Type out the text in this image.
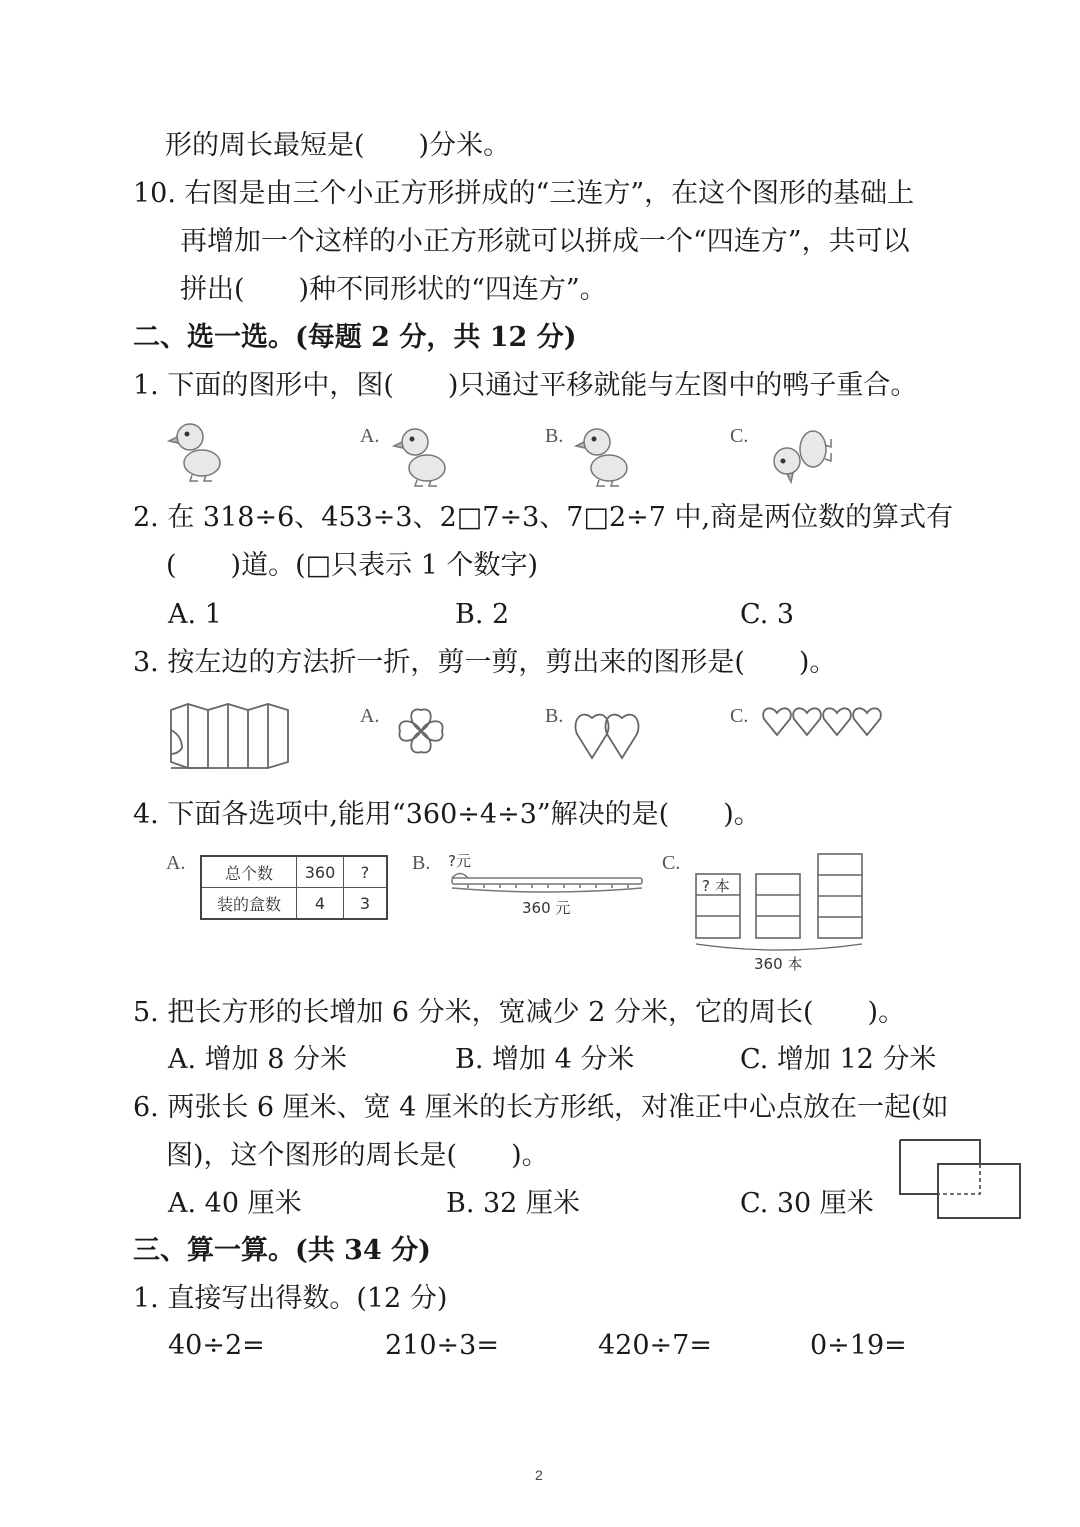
形的周长最短是(　　)分米。
10. 右图是由三个小正方形拼成的“三连方”，在这个图形的基础上
再增加一个这样的小正方形就可以拼成一个“四连方”，共可以
拼出(　　)种不同形状的“四连方”。
二、选一选。(每题 2 分，共 12 分)
1. 下面的图形中，图(　　)只通过平移就能与左图中的鸭子重合。
A.	B.	C.
2. 在 318÷6、453÷3、2□7÷3、7□2÷7 中,商是两位数的算式有
(　　)道。(□只表示 1 个数字)
A. 1	B. 2	C. 3
3. 按左边的方法折一折，剪一剪，剪出来的图形是(　　)。
A.	B.	C.
4. 下面各选项中,能用“360÷4÷3”解决的是(　　)。
A. 总个数	360	?
装的盒数	4	3
B. ?元
360 元
C.
? 本
360 本
5. 把长方形的长增加 6 分米，宽减少 2 分米，它的周长(　　)。
A. 增加 8 分米	B. 增加 4 分米	C. 增加 12 分米
6. 两张长 6 厘米、宽 4 厘米的长方形纸，对准正中心点放在一起(如
图)，这个图形的周长是(　　)。
A. 40 厘米	B. 32 厘米	C. 30 厘米
三、算一算。(共 34 分)
1. 直接写出得数。(12 分)
40÷2=	210÷3=	420÷7=	0÷19=
2
